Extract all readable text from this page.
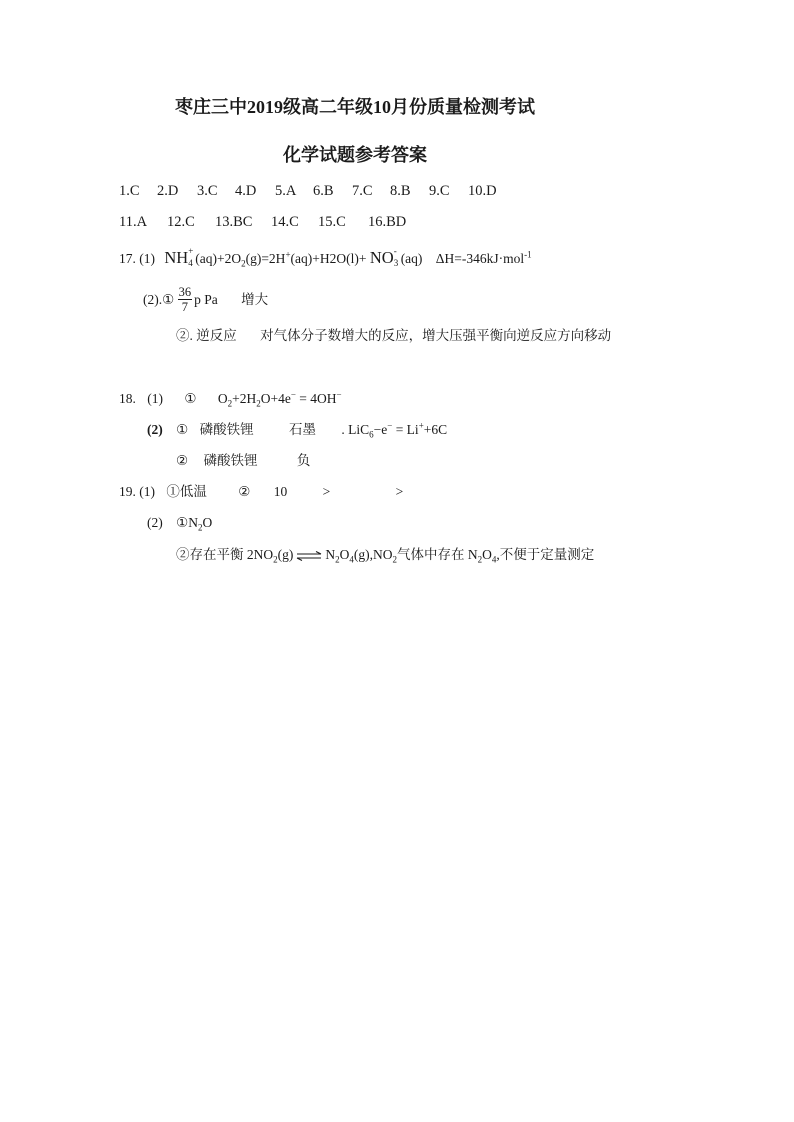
枣庄三中2019级高二年级10月份质量检测考试
化学试题参考答案
1.C 2.D 3.C 4.D 5.A 6.B 7.C 8.B 9.C 10.D
11.A 12.C 13.BC 14.C 15.C 16.BD
17. (1) NH +
4 $(aq)+2O_2(g)=2H^+(aq)+H2O(l)+$ NO -
3 (aq) ΔH=-346kJ·mol$^{-1}$
(2).① $\frac{36}{7}$ p Pa 增大
②. 逆反应 对气体分子数增大的反应，增大压强平衡向逆反应方向移动
18. (1) ① $O_2+2H_2O+4e^- = 4OH^-$
(2) ① 磷酸铁锂	石墨 . LiC$_6$−e− = Li++6C
② 磷酸铁锂	负
19. (1) ①低温 ② 10	>	>
(2) $①N_2O$
②存在平衡 $2NO_2(g)$ ⇌ $N_2O_4(g),NO_2$气体中存在 $N_2O_4$,不便于定量测定
